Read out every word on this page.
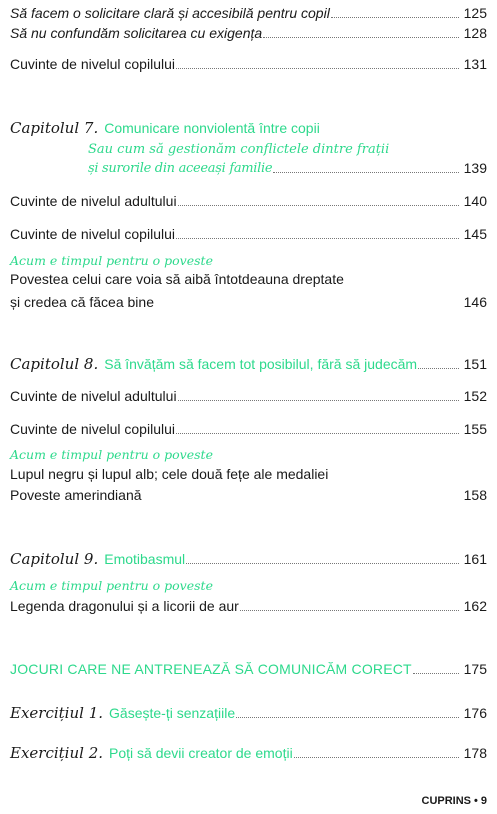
Să facem o solicitare clară și accesibilă pentru copil	125
Să nu confundăm solicitarea cu exigența	128
Cuvinte de nivelul copilului	131
Capitolul 7. Comunicare nonviolentă între copii
Sau cum să gestionăm conflictele dintre frații
și surorile din aceeași familie	139
Cuvinte de nivelul adultului	140
Cuvinte de nivelul copilului	145
Acum e timpul pentru o poveste
Povestea celui care voia să aibă întotdeauna dreptate
și credea că făcea bine	146
Capitolul 8. Să învățăm să facem tot posibilul, fără să judecăm	151
Cuvinte de nivelul adultului	152
Cuvinte de nivelul copilului	155
Acum e timpul pentru o poveste
Lupul negru și lupul alb; cele două fețe ale medaliei
Poveste amerindiană	158
Capitolul 9. Emotibasmul	161
Acum e timpul pentru o poveste
Legenda dragonului și a licorii de aur	162
JOCURI CARE NE ANTRENEAZĂ SĂ COMUNICĂM CORECT	175
Exercițiul 1. Găsește-ți senzațiile	176
Exercițiul 2. Poți să devii creator de emoții	178
CUPRINS • 9
